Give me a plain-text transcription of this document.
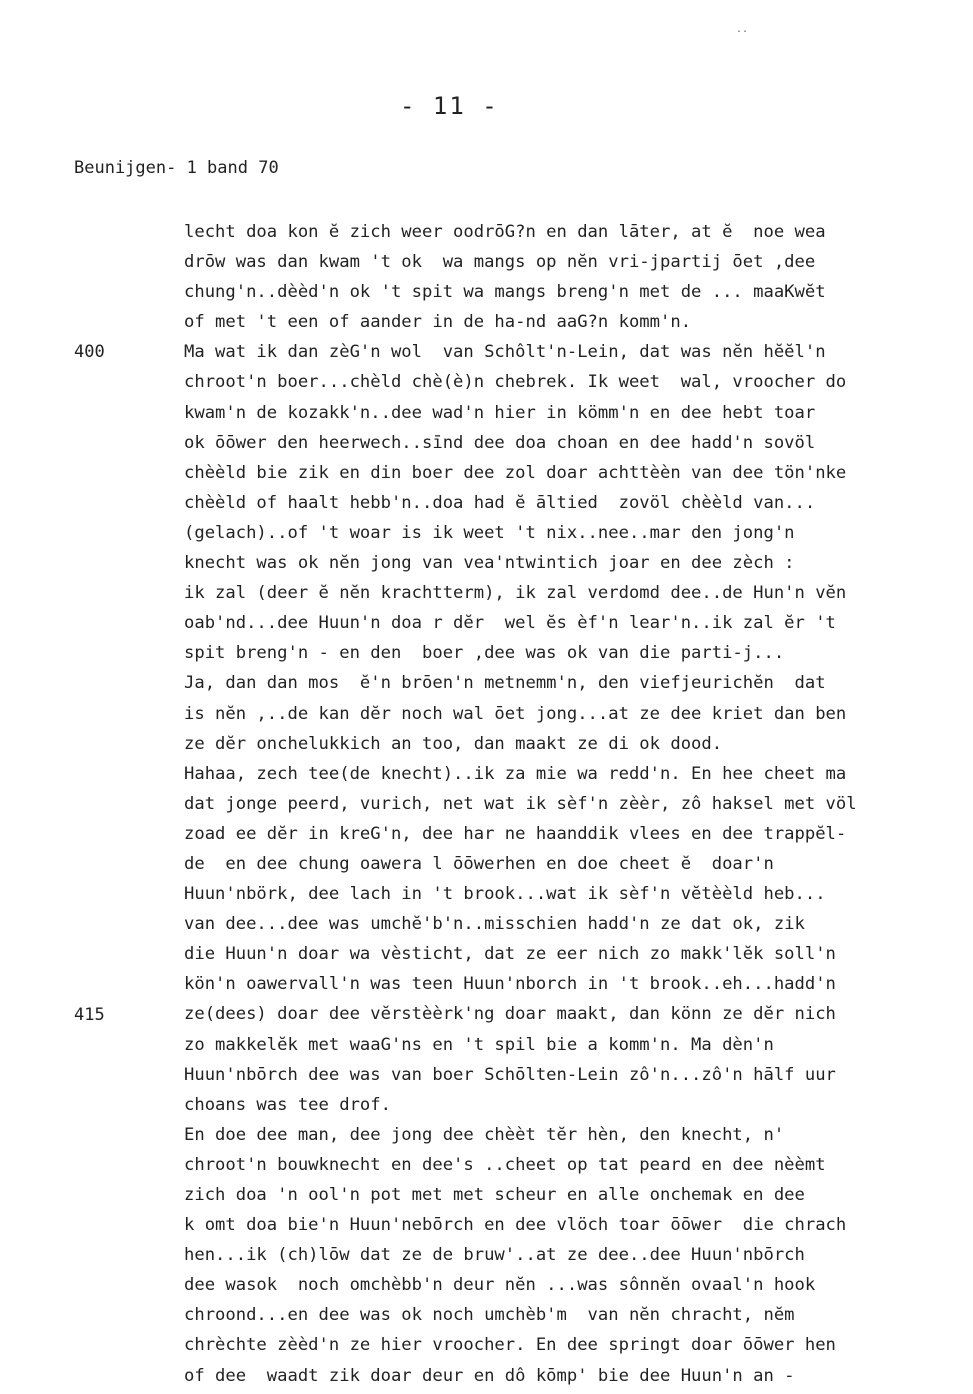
..
- 11 -
Beunijgen- 1 band 70
400
415
lecht doa kon ĕ zich weer oodrōG?n en dan lāter, at ĕ  noe wea
drōw was dan kwam 't ok  wa mangs op nĕn vri-jpartij ōet ,dee
chung'n..dèèd'n ok 't spit wa mangs breng'n met de ... maaKwĕt
of met 't een of aander in de ha-nd aaG?n komm'n.
Ma wat ik dan zèG'n wol  van Schôlt'n-Lein, dat was nĕn hĕĕl'n
chroot'n boer...chèld chè(è)n chebrek. Ik weet  wal, vroocher do
kwam'n de kozakk'n..dee wad'n hier in kömm'n en dee hebt toar
ok ōōwer den heerwech..sīnd dee doa choan en dee hadd'n sovöl
chèèld bie zik en din boer dee zol doar achttèèn van dee tön'nke
chèèld of haalt hebb'n..doa had ĕ āltied  zovöl chèèld van...
(gelach)..of 't woar is ik weet 't nix..nee..mar den jong'n
knecht was ok nĕn jong van vea'ntwintich joar en dee zèch :
ik zal (deer ĕ nĕn krachtterm), ik zal verdomd dee..de Hun'n vĕn
oab'nd...dee Huun'n doa r dĕr  wel ĕs èf'n lear'n..ik zal ĕr 't
spit breng'n - en den  boer ,dee was ok van die parti-j...
Ja, dan dan mos  ĕ'n brōen'n metnemm'n, den viefjeurichĕn  dat
is nĕn ,..de kan dĕr noch wal ōet jong...at ze dee kriet dan ben
ze dĕr onchelukkich an too, dan maakt ze di ok dood.
Hahaa, zech tee(de knecht)..ik za mie wa redd'n. En hee cheet ma
dat jonge peerd, vurich, net wat ik sèf'n zèèr, zô haksel met völ
zoad ee dĕr in kreG'n, dee har ne haanddik vlees en dee trappĕl-
de  en dee chung oawera l ōōwerhen en doe cheet ĕ  doar'n
Huun'nbörk, dee lach in 't brook...wat ik sèf'n vĕtèèld heb...
van dee...dee was umchĕ'b'n..misschien hadd'n ze dat ok, zik
die Huun'n doar wa vèsticht, dat ze eer nich zo makk'lĕk soll'n
kön'n oawervall'n was teen Huun'nborch in 't brook..eh...hadd'n
ze(dees) doar dee vĕrstèèrk'ng doar maakt, dan könn ze dĕr nich
zo makkelĕk met waaG'ns en 't spil bie a komm'n. Ma dèn'n
Huun'nbōrch dee was van boer Schōlten-Lein zô'n...zô'n hālf uur
choans was tee drof.
En doe dee man, dee jong dee chèèt tĕr hèn, den knecht, n'
chroot'n bouwknecht en dee's ..cheet op tat peard en dee nèèmt
zich doa 'n ool'n pot met met scheur en alle onchemak en dee
k omt doa bie'n Huun'nebōrch en dee vlöch toar ōōwer  die chrach
hen...ik (ch)lōw dat ze de bruw'..at ze dee..dee Huun'nbōrch
dee wasok  noch omchèbb'n deur nĕn ...was sônnĕn ovaal'n hook
chroond...en dee was ok noch umchèb'm  van nĕn chracht, nĕm
chrèchte zèèd'n ze hier vroocher. En dee springt doar ōōwer hen
of dee  waadt zik doar deur en dô kōmp' bie dee Huun'n an -
